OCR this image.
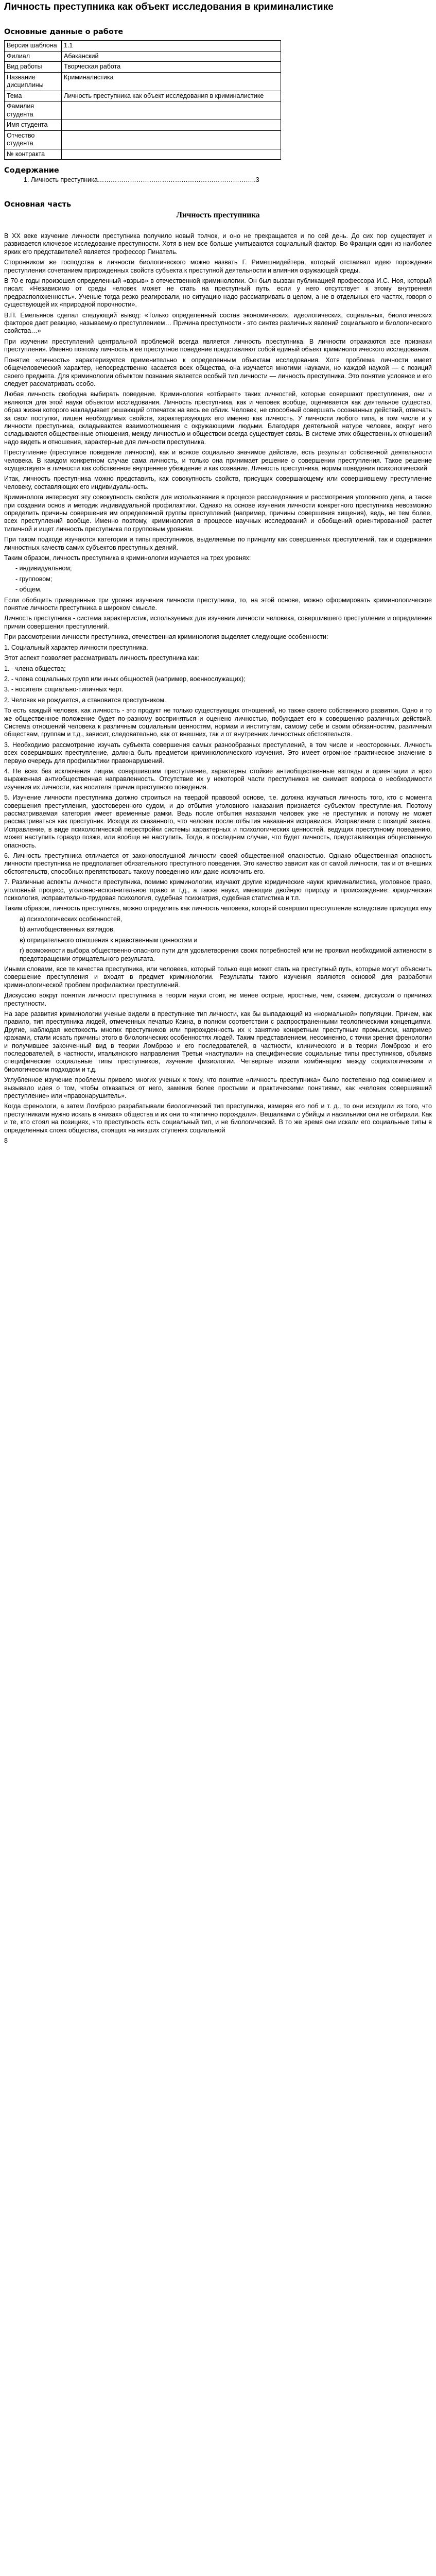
Личность преступника как объект исследования в криминалистике
Основные данные о работе
Версия шаблона	1.1
Филиал	Абаканский
Вид работы	Творческая работа
Название дисциплины	Криминалистика
Тема	Личность преступника как объект исследования в криминалистике
Фамилия студента	
Имя студента	
Отчество студента	
№ контракта	
Содержание
1. Личность преступника………………………………………………………………..3
Основная часть
Личность преступника

В XX веке изучение личности преступника получило новый толчок, и оно не прекращается и по сей день. До сих пор существует и развивается ключевое исследование преступности. Хотя в нем все больше учитываются социальный фактор. Во Франции один из наиболее ярких его представителей является профессор Пинатель.

Сторонником же господства в личности биологического можно назвать Г. Римешнидейтера, который отстаивал идею порождения преступления сочетанием прирожденных свойств субъекта к преступной деятельности и влияния окружающей среды.

В 70-е годы произошел определенный «взрыв» в отечественной криминологии. Он был вызван публикацией профессора И.С. Ноя, который писал: «Независимо от среды человек может не стать на преступный путь, если у него отсутствует к этому внутренняя предрасположенность». Ученые тогда резко реагировали, но ситуацию надо рассматривать в целом, а не в отдельных его частях, говоря о существующей их «природной порочности».

В.П. Емельянов сделал следующий вывод: «Только определенный состав экономических, идеологических, социальных, биологических факторов дает реакцию, называемую преступлением… Причина преступности - это синтез различных явлений социального и биологического свойства…»

При изучении преступлений центральной проблемой всегда является личность преступника. В личности отражаются все признаки преступления. Именно поэтому личность и её преступное поведение представляют собой единый объект криминологического исследования.

Понятие «личность» характеризуется применительно к определенным объектам исследования. Хотя проблема личности имеет общечеловеческий характер, непосредственно касается всех общества, она изучается многими науками, но каждой наукой — с позиций своего предмета. Для криминологии объектом познания является особый тип личности — личность преступника. Это понятие условное и его следует рассматривать особо.

Любая личность свободна выбирать поведение. Криминология «отбирает» таких личностей, которые совершают преступления, они и являются для этой науки объектом исследования. Личность преступника, как и человек вообще, оценивается как деятельное существо, образ жизни которого накладывает решающий отпечаток на весь ее облик. Человек, не способный совершать осознанных действий, отвечать за свои поступки, лишен необходимых свойств, характеризующих его именно как личность. У личности любого типа, в том числе и у личности преступника, складываются взаимоотношения с окружающими людьми. Благодаря деятельной натуре человек, вокруг него складываются общественные отношения, между личностью и обществом всегда существует связь. В системе этих общественных отношений надо видеть и отношения, характерные для личности преступника.

Преступление (преступное поведение личности), как и всякое социально значимое действие, есть результат собственной деятельности человека. В каждом конкретном случае сама личность, и только она принимает решение о совершении преступления. Такое решение «существует» в личности как собственное внутреннее убеждение и как сознание. Личность преступника, нормы поведения психологический

Итак, личность преступника можно представить, как совокупность свойств, присущих совершающему или совершившему преступление человеку, составляющих его индивидуальность.

Криминолога интересует эту совокупность свойств для использования в процессе расследования и рассмотрения уголовного дела, а также при создании основ и методик индивидуальной профилактики. Однако на основе изучения личности конкретного преступника невозможно определить причины совершения им определенной группы преступлений (например, причины совершения хищения), ведь, не тем более, всех преступлений вообще. Именно поэтому, криминология в процессе научных исследований и обобщений ориентированной растет типичной и ищет личность преступника по групповым уровням.

При таком подходе изучаются категории и типы преступников, выделяемые по принципу как совершенных преступлений, так и содержания личностных качеств самих субъектов преступных деяний.

Таким образом, личность преступника в криминологии изучается на трех уровнях:

- индивидуальном;

- групповом;

- общем.

Если обобщить приведенные три уровня изучения личности преступника, то, на этой основе, можно сформировать криминологическое понятие личности преступника в широком смысле.

Личность преступника - система характеристик, используемых для изучения личности человека, совершившего преступление и определения причин совершения преступлений.

При рассмотрении личности преступника, отечественная криминология выделяет следующие особенности:

1. Социальный характер личности преступника.

Этот аспект позволяет рассматривать личность преступника как:

1. - члена общества;

2. - члена социальных групп или иных общностей (например, военнослужащих);

3. - носителя социально-типичных черт.

2. Человек не рождается, а становится преступником.

То есть каждый человек, как личность - это продукт не только существующих отношений, но также своего собственного развития. Одно и то же общественное положение будет по-разному восприняться и оценено личностью, побуждает его к совершению различных действий. Система отношений человека к различным социальным ценностям, нормам и институтам, самому себе и своим обязанностям, различным обществам, группам и т.д., зависит, следовательно, как от внешних, так и от внутренних личностных обстоятельств.

3. Необходимо рассмотрение изучать субъекта совершения самых разнообразных преступлений, в том числе и неосторожных. Личность всех совершивших преступление, должна быть предметом криминологического изучения. Это имеет огромное практическое значение в первую очередь для профилактики правонарушений.

4. Не всех без исключения лицам, совершившим преступление, характерны стойкие антиобщественные взгляды и ориентации и ярко выраженная антиобщественная направленность. Отсутствие их у некоторой части преступников не снимает вопроса о необходимости изучения их личности, как носителя причин преступного поведения.

5. Изучение личности преступника должно строиться на твердой правовой основе, т.е. должна изучаться личность того, кто с момента совершения преступления, удостоверенного судом, и до отбытия уголовного наказания признается субъектом преступления. Поэтому рассматриваемая категория имеет временные рамки. Ведь после отбытия наказания человек уже не преступник и потому не может рассматриваться как преступник. Исходя из сказанного, что человек после отбытия наказания исправился. Исправление с позиций закона. Исправление, в виде психологической перестройки системы характерных и психологических ценностей, ведущих преступному поведению, может наступить гораздо позже, или вообще не наступить. Тогда, в последнем случае, что будет личность, представляющая общественную опасность.

6. Личность преступника отличается от законопослушной личности своей общественной опасностью. Однако общественная опасность личности преступника не предполагает обязательного преступного поведения. Это качество зависит как от самой личности, так и от внешних обстоятельств, способных препятствовать такому поведению или даже исключить его.

7. Различные аспекты личности преступника, помимо криминологии, изучают другие юридические науки: криминалистика, уголовное право, уголовный процесс, уголовно-исполнительное право и т.д., а также науки, имеющие двойную природу и происхождение: юридическая психология, исправительно-трудовая психология, судебная психиатрия, судебная статистика и т.п.

Таким образом, личность преступника, можно определить как личность человека, который совершил преступление вследствие присущих ему

a) психологических особенностей,

b) антиобщественных взглядов,

в) отрицательного отношения к нравственным ценностям и

г) возможности выбора общественно-опасного пути для удовлетворения своих потребностей или не проявил необходимой активности в предотвращении отрицательного результата.

Иными словами, все те качества преступника, или человека, который только еще может стать на преступный путь, которые могут объяснить совершение преступления и входят в предмет криминологии. Результаты такого изучения являются основой для разработки криминологической проблем профилактики преступлений.

Дискуссию вокруг понятия личности преступника в теории науки стоит, не менее острые, яростные, чем, скажем, дискуссии о причинах преступности.

На заре развития криминологии ученые видели в преступнике тип личности, как бы выпадающий из «нормальной» популяции. Причем, как правило, тип преступника людей, отмеченных печатью Каина, в полном соответствии с распространенными теологическими концепциями. Другие, наблюдая жестокость многих преступников или прирожденность их к занятию конкретным преступным промыслом, например кражами, стали искать причины этого в биологических особенностях людей. Таким представлением, несомненно, с точки зрения френологии и получившее законченный вид в теории Ломброзо и его последователей, в частности, клинического и в теории Ломброзо и его последователей, в частности, итальянского направления Третьи «наступали» на специфические социальные типы преступников, объявив специфические социальные типы преступников, изучение физиологии. Четвертые искали комбинацию между социологическим и биологическим подходом и т.д.

Углубленное изучение проблемы привело многих ученых к тому, что понятие «личность преступника» было постепенно под сомнением и вызывало идея о том, чтобы отказаться от него, заменив более простыми и практическими понятиями, как «человек совершивший преступление» или «правонарушитель».

Когда френологи, а затем Ломброзо разрабатывали биологический тип преступника, измеряя его лоб и т. д., то они исходили из того, что преступниками нужно искать в «низах» общества и их они то «типично порождали». Вешалками с убийцы и насильники они не отбирали. Как и те, кто стоял на позициях, что преступность есть социальный тип, и не биологический. В то же время они искали его социальные типы в определенных слоях общества, стоящих на низших ступенях социальной

8
